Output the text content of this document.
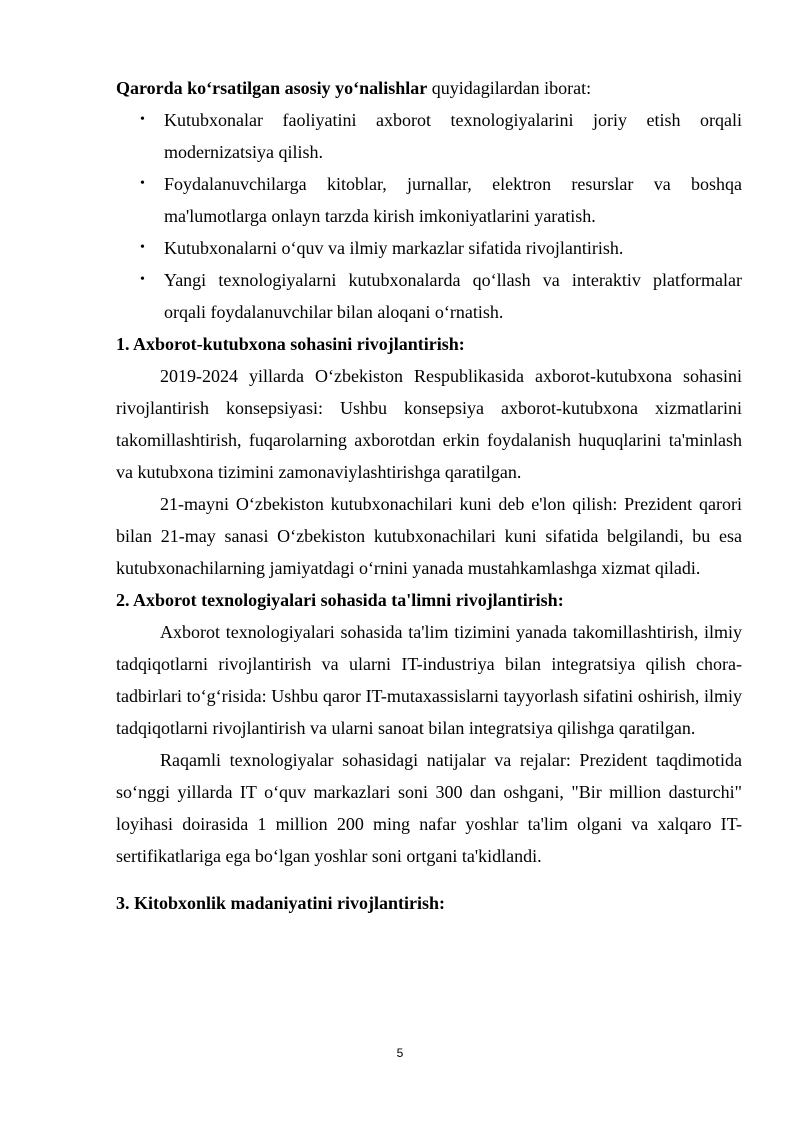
Qarorda ko‘rsatilgan asosiy yo‘nalishlar quyidagilardan iborat:

• Kutubxonalar faoliyatini axborot texnologiyalarini joriy etish orqali modernizatsiya qilish.
• Foydalanuvchilarga kitoblar, jurnallar, elektron resurslar va boshqa ma'lumotlarga onlayn tarzda kirish imkoniyatlarini yaratish.
• Kutubxonalarni o‘quv va ilmiy markazlar sifatida rivojlantirish.
• Yangi texnologiyalarni kutubxonalarda qo‘llash va interaktiv platformalar orqali foydalanuvchilar bilan aloqani o‘rnatish.

1. Axborot-kutubxona sohasini rivojlantirish:

2019-2024 yillarda O‘zbekiston Respublikasida axborot-kutubxona sohasini rivojlantirish konsepsiyasi: Ushbu konsepsiya axborot-kutubxona xizmatlarini takomillashtirish, fuqarolarning axborotdan erkin foydalanish huquqlarini ta'minlash va kutubxona tizimini zamonaviylashtirishga qaratilgan.

21-mayni O‘zbekiston kutubxonachilari kuni deb e'lon qilish: Prezident qarori bilan 21-may sanasi O‘zbekiston kutubxonachilari kuni sifatida belgilandi, bu esa kutubxonachilarning jamiyatdagi o‘rnini yanada mustahkamlashga xizmat qiladi.

2. Axborot texnologiyalari sohasida ta'limni rivojlantirish:

Axborot texnologiyalari sohasida ta'lim tizimini yanada takomillashtirish, ilmiy tadqiqotlarni rivojlantirish va ularni IT-industriya bilan integratsiya qilish chora-tadbirlari to‘g‘risida: Ushbu qaror IT-mutaxassislarni tayyorlash sifatini oshirish, ilmiy tadqiqotlarni rivojlantirish va ularni sanoat bilan integratsiya qilishga qaratilgan.

Raqamli texnologiyalar sohasidagi natijalar va rejalar: Prezident taqdimotida so‘nggi yillarda IT o‘quv markazlari soni 300 dan oshgani, "Bir million dasturchi" loyihasi doirasida 1 million 200 ming nafar yoshlar ta'lim olgani va xalqaro IT-sertifikatlariga ega bo‘lgan yoshlar soni ortgani ta'kidlandi.

3. Kitobxonlik madaniyatini rivojlantirish:

5
